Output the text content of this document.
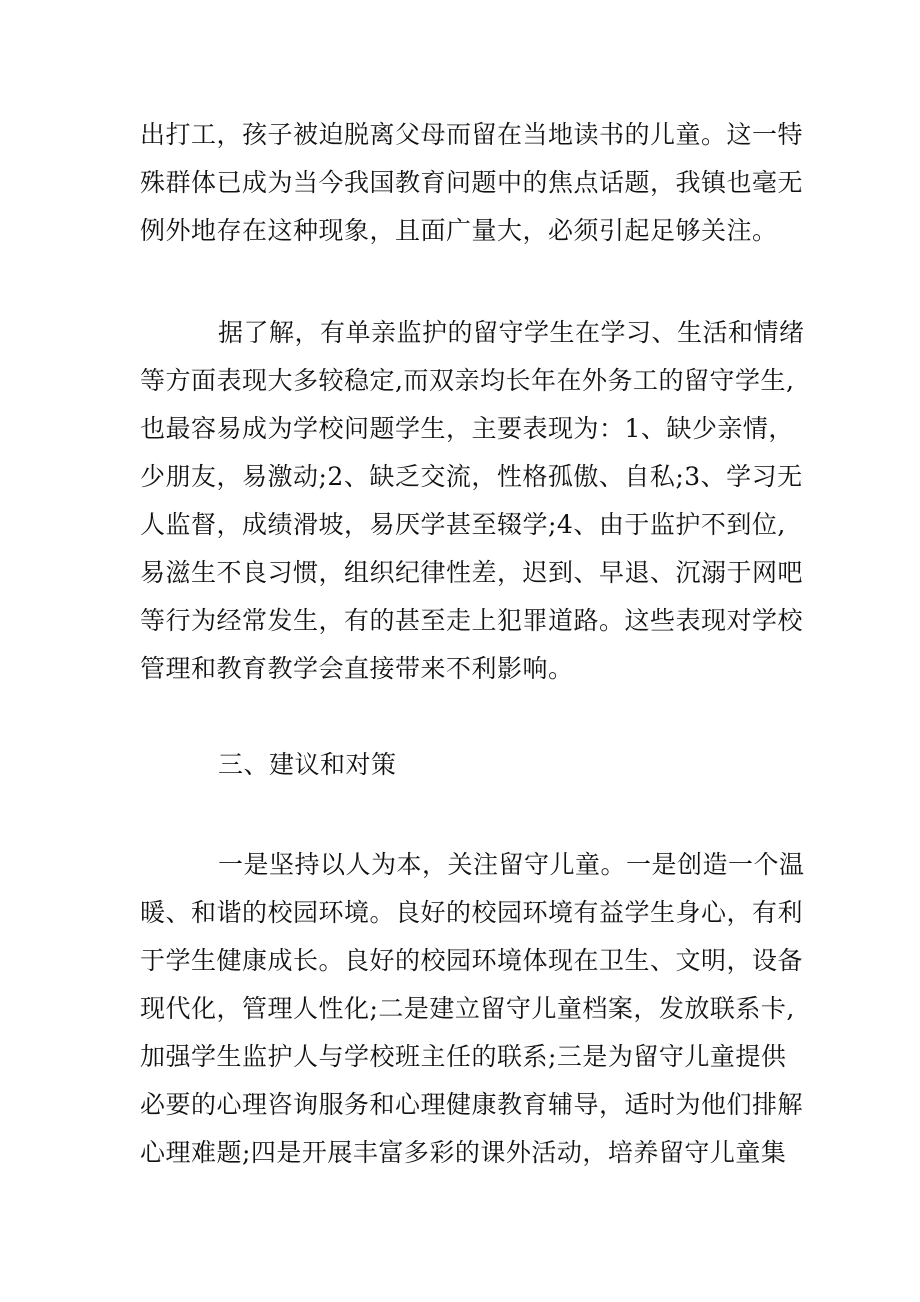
出打工，孩子被迫脱离父母而留在当地读书的儿童。这一特
殊群体已成为当今我国教育问题中的焦点话题，我镇也毫无
例外地存在这种现象，且面广量大，必须引起足够关注。
据了解，有单亲监护的留守学生在学习、生活和情绪
等方面表现大多较稳定,而双亲均长年在外务工的留守学生,
也最容易成为学校问题学生，主要表现为：1、缺少亲情，
少朋友，易激动;2、缺乏交流，性格孤傲、自私;3、学习无
人监督，成绩滑坡，易厌学甚至辍学;4、由于监护不到位,
易滋生不良习惯，组织纪律性差，迟到、早退、沉溺于网吧
等行为经常发生，有的甚至走上犯罪道路。这些表现对学校
管理和教育教学会直接带来不利影响。
三、建议和对策
一是坚持以人为本，关注留守儿童。一是创造一个温
暖、和谐的校园环境。良好的校园环境有益学生身心，有利
于学生健康成长。良好的校园环境体现在卫生、文明，设备
现代化，管理人性化;二是建立留守儿童档案，发放联系卡,
加强学生监护人与学校班主任的联系;三是为留守儿童提供
必要的心理咨询服务和心理健康教育辅导，适时为他们排解
心理难题;四是开展丰富多彩的课外活动，培养留守儿童集
